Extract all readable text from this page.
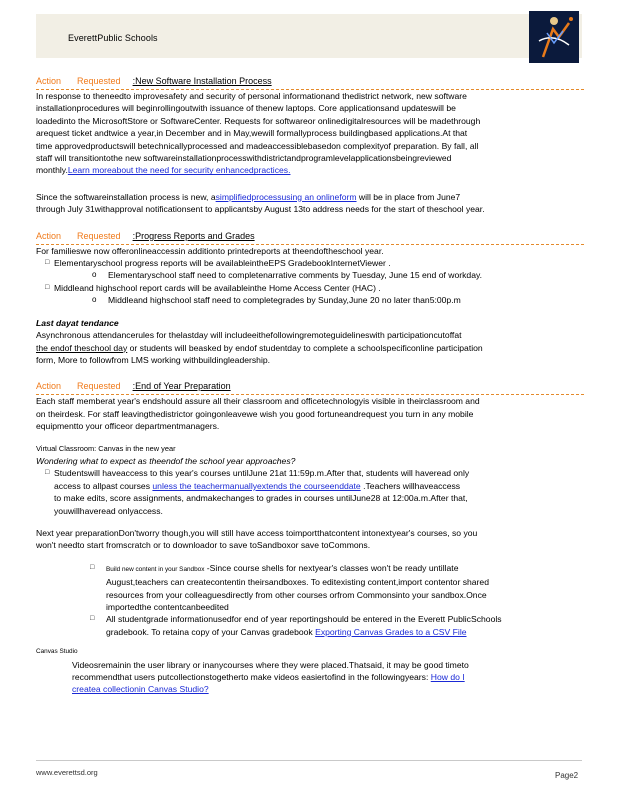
EverettPublic Schools
Action Requested :New Software Installation Process

In response to theneedto improvesafety and security of personal informationand thedistrict network, new software

installationprocedures will beginrollingoutwith issuance of thenew laptops. Core applicationsand updateswill be

loadedinto the MicrosoftStore or SoftwareCenter. Requests for softwareor onlinedigitalresources will be madethrough

arequest ticket andtwice a year,in December and in May,wewill formallyprocess buildingbased applications.At that

time approvedproductswill betechnicallyprocessed and madeaccessiblebasedon complexityof preparation. By fall, all

staff will transitiontothe new softwareinstallationprocesswithdistrictandprogramlevelapplicationsbeingreviewed

monthly.Learn moreabout the need for security enhancedpractices.

Since the softwareinstallation process is new, asimplifiedprocessusing an onlineform will be in place from June7

through July 31withapproval notificationsent to applicantsby August 13to address needs for the start of theschool year.

Action Requested :Progress Reports and Grades

For familieswe now offeronlineaccessin additionto printedreports at theendoftheschool year.

□ Elementaryschool progress reports will be availableintheEPS GradebookInternetViewer .
o Elementaryschool staff need to completenarrative comments by Tuesday, June 15 end of workday.
□ Middleand highschool report cards will be availableinthe Home Access Center (HAC) .
o Middleand highschool staff need to completegrades by Sunday,June 20 no later than5:00p.m

Last dayat tendance

Asynchronous attendancerules for thelastday will includeeithefollowingremoteguidelineswith participationcutoffat

the endof theschool day or students will beasked by endof studentday to complete a schoolspecificonline participation

form, More to followfrom LMS working withbuildingleadership.

Action Requested :End of Year Preparation

Each staff memberat year's endshould assure all their classroom and officetechnologyis visible in theirclassroom and

on theirdesk. For staff leavingthedistrictor goingonleavewe wish you good fortuneandrequest you turn in any mobile

equipmentto your officeor departmentmanagers.

Virtual Classroom: Canvas in the new year

Wondering what to expect as theendof the school year approaches?

□ Studentswill haveaccess to this year's courses untilJune 21at 11:59p.m.After that, students will haveread only

access to allpast courses unless the teachermanuallyextends the courseenddate .Teachers willhaveaccess

to make edits, score assignments, andmakechanges to grades in courses untilJune28 at 12:00a.m.After that,

youwillhaveread onlyaccess.

Next year preparationDon'tworry though,you will still have access toimportthatcontent intonextyear's courses, so you

won't needto start fromscratch or to downloador to save toSandboxor save toCommons.

□ Build new content in your Sandbox -Since course shells for nextyear's classes won't be ready untillate

August,teachers can createcontentin theirsandboxes. To editexisting content,import contentor shared

resources from your colleaguesdirectly from other courses orfrom Commonsinto your sandbox.Once

importedthe contentcanbeedited

□ All studentgrade informationusedfor end of year reportingshould be entered in the Everett PublicSchools

gradebook. To retaina copy of your Canvas gradebook Exporting Canvas Grades to a CSV File

Canvas Studio

Videosremainin the user library or inanycourses where they were placed.Thatsaid, it may be good timeto

recommendthat users putcollectionstogetherto make videos easiertofind in the followingyears: How do I

createa collectionin Canvas Studio?

www.everettsd.org	Page2
